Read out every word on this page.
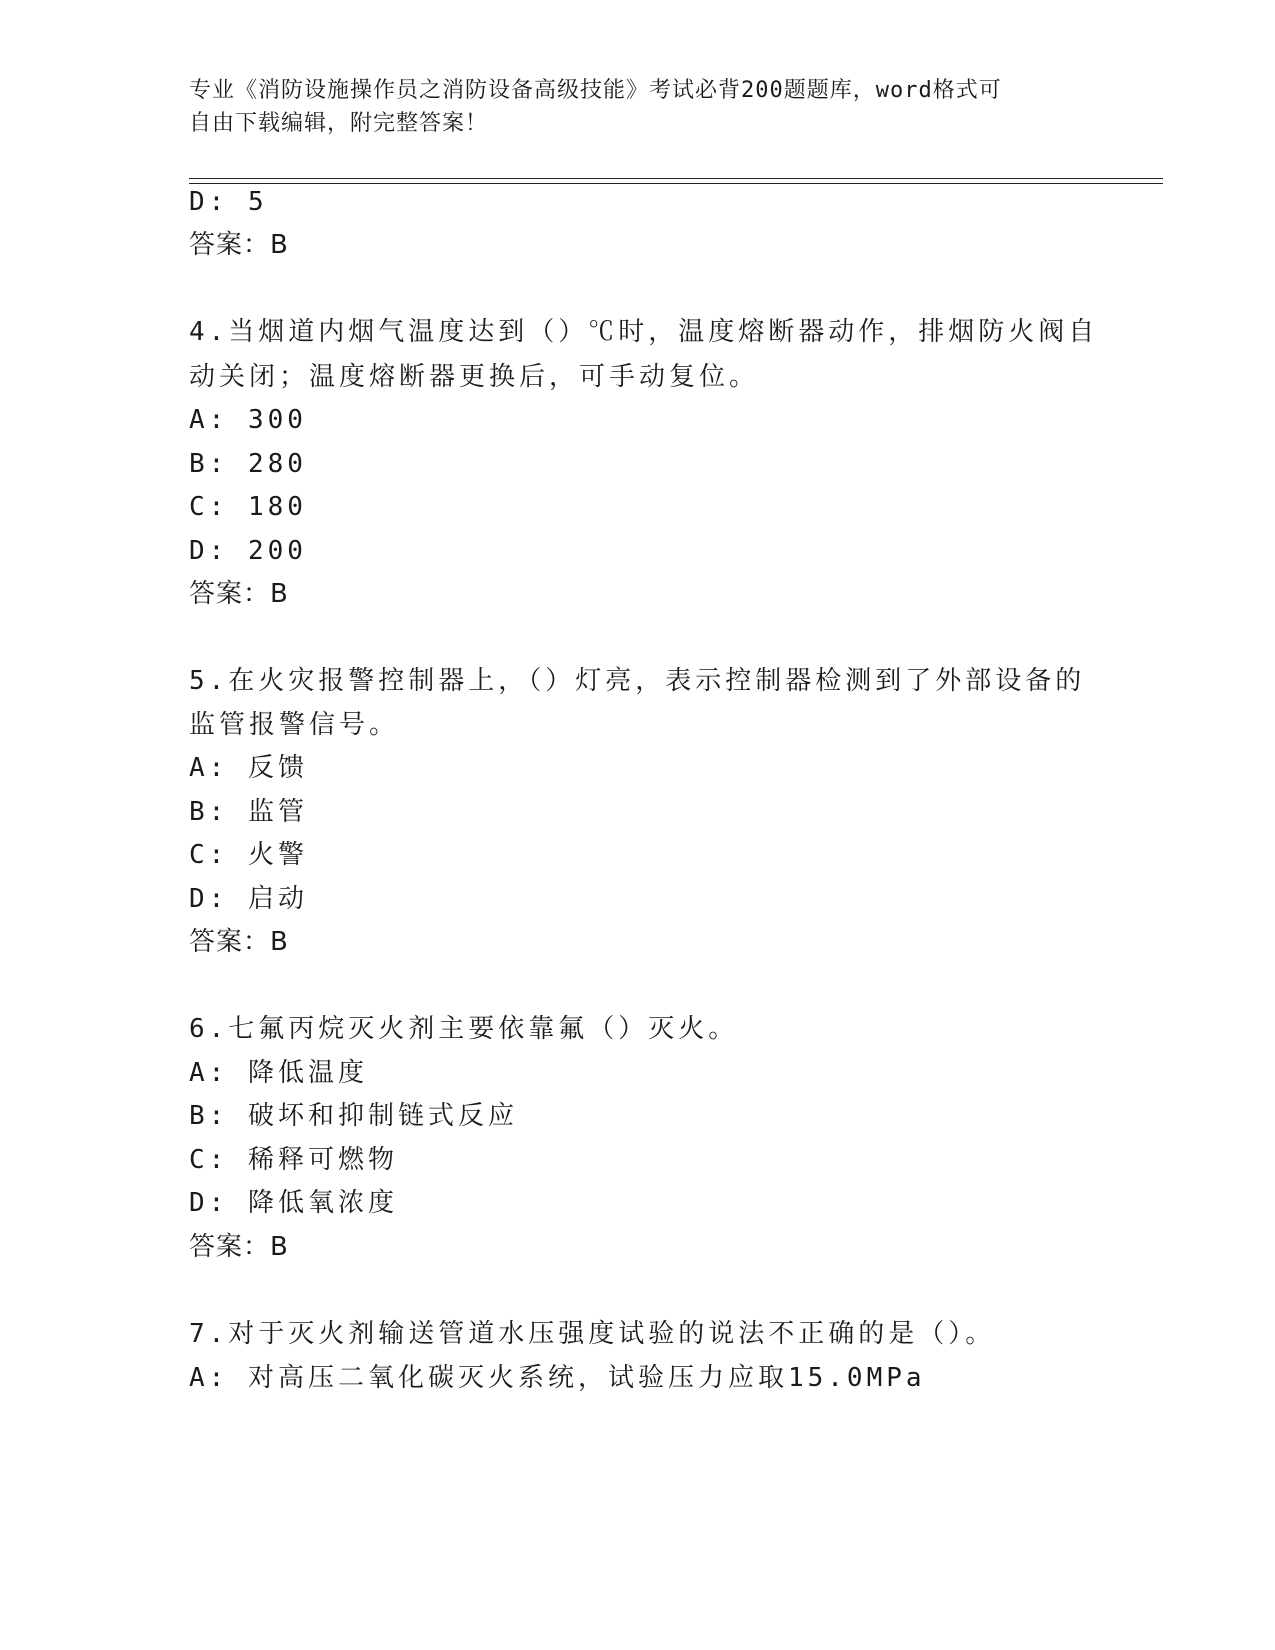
专业《消防设施操作员之消防设备高级技能》考试必背200题题库，word格式可
自由下载编辑，附完整答案！
D: 5
答案：B
4.当烟道内烟气温度达到（）℃时，温度熔断器动作，排烟防火阀自
动关闭；温度熔断器更换后，可手动复位。
A: 300
B: 280
C: 180
D: 200
答案：B
5.在火灾报警控制器上，（）灯亮，表示控制器检测到了外部设备的
监管报警信号。
A: 反馈
B: 监管
C: 火警
D: 启动
答案：B
6.七氟丙烷灭火剂主要依靠氟（）灭火。
A: 降低温度
B: 破坏和抑制链式反应
C: 稀释可燃物
D: 降低氧浓度
答案：B
7.对于灭火剂输送管道水压强度试验的说法不正确的是（）。
A: 对高压二氧化碳灭火系统，试验压力应取15.0MPa
